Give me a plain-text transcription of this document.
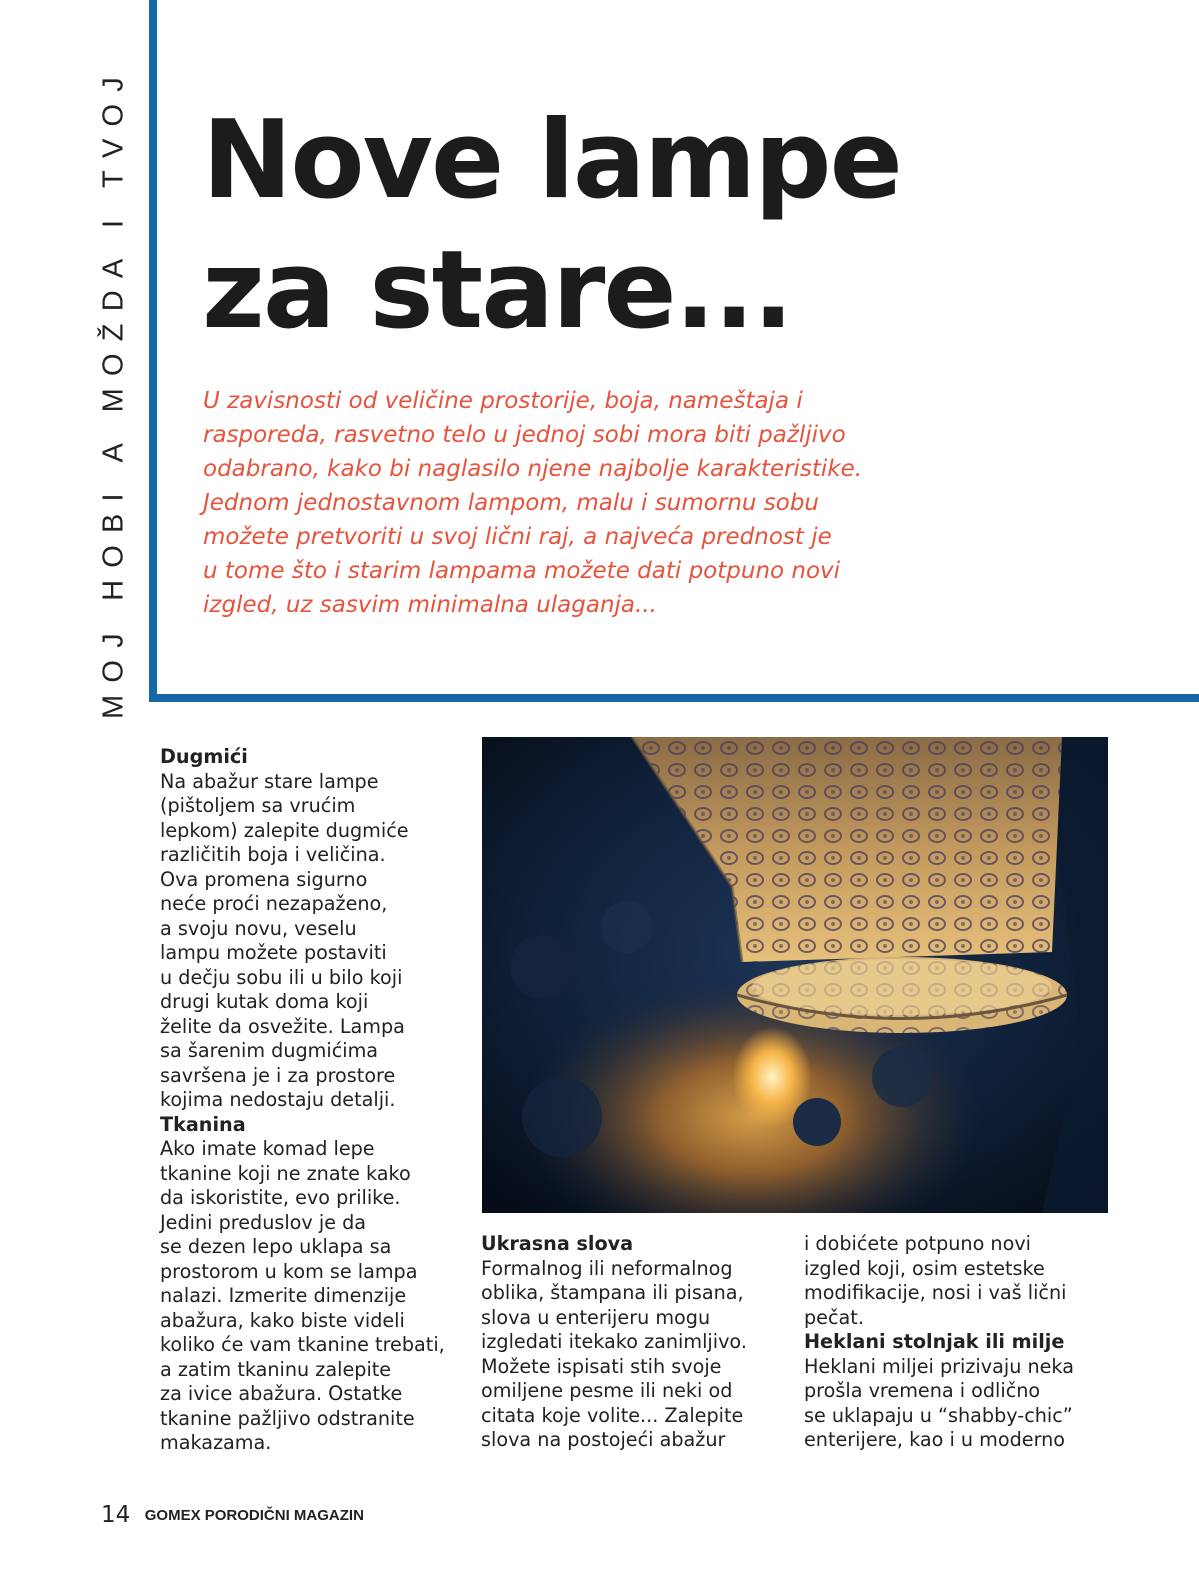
MOJ HOBI A MOŽDA I TVOJ Nove lampe
za stare...
U zavisnosti od veličine prostorije, boja, nameštaja i
rasporeda, rasvetno telo u jednoj sobi mora biti pažljivo
odabrano, kako bi naglasilo njene najbolje karakteristike.
Jednom jednostavnom lampom, malu i sumornu sobu
možete pretvoriti u svoj lični raj, a najveća prednost je
u tome što i starim lampama možete dati potpuno novi
izgled, uz sasvim minimalna ulaganja...
Dugmići
Na abažur stare lampe
(pištoljem sa vrućim
lepkom) zalepite dugmiće
različitih boja i veličina.
Ova promena sigurno
neće proći nezapaženo,
a svoju novu, veselu
lampu možete postaviti
u dečju sobu ili u bilo koji
drugi kutak doma koji
želite da osvežite. Lampa
sa šarenim dugmićima
savršena je i za prostore
kojima nedostaju detalji.
Tkanina
Ako imate komad lepe
tkanine koji ne znate kako
da iskoristite, evo prilike.
Jedini preduslov je da
se dezen lepo uklapa sa
prostorom u kom se lampa
nalazi. Izmerite dimenzije
abažura, kako biste videli
koliko će vam tkanine trebati,
a zatim tkaninu zalepite
za ivice abažura. Ostatke
tkanine pažljivo odstranite
makazama.
Ukrasna slova
Formalnog ili neformalnog
oblika, štampana ili pisana,
slova u enterijeru mogu
izgledati itekako zanimljivo.
Možete ispisati stih svoje
omiljene pesme ili neki od
citata koje volite... Zalepite
slova na postojeći abažur
i dobićete potpuno novi
izgled koji, osim estetske
modifikacije, nosi i vaš lični
pečat.
Heklani stolnjak ili milje
Heklani miljei prizivaju neka
prošla vremena i odlično
se uklapaju u “shabby-chic”
enterijere, kao i u moderno
14 GOMEX PORODIČNI MAGAZIN
